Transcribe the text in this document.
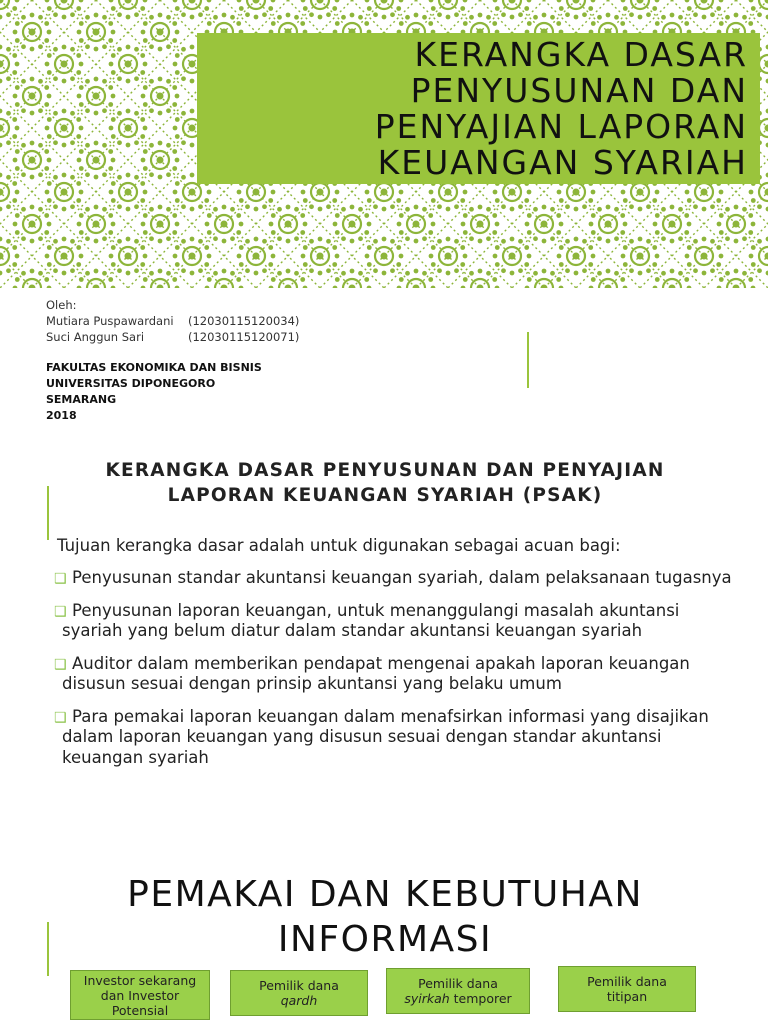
KERANGKA DASAR
PENYUSUNAN DAN
PENYAJIAN LAPORAN
KEUANGAN SYARIAH
Oleh:
Mutiara Puspawardani	(12030115120034)
Suci Anggun Sari	(12030115120071)
FAKULTAS EKONOMIKA DAN BISNIS
UNIVERSITAS DIPONEGORO
SEMARANG
2018
KERANGKA DASAR PENYUSUNAN DAN PENYAJIAN
LAPORAN KEUANGAN SYARIAH (PSAK)
Tujuan kerangka dasar adalah untuk digunakan sebagai acuan bagi:
❑ Penyusunan standar akuntansi keuangan syariah, dalam pelaksanaan tugasnya
❑ Penyusunan laporan keuangan, untuk menanggulangi masalah akuntansi syariah yang belum diatur dalam standar akuntansi keuangan syariah
❑ Auditor dalam memberikan pendapat mengenai apakah laporan keuangan disusun sesuai dengan prinsip akuntansi yang belaku umum
❑ Para pemakai laporan keuangan dalam menafsirkan informasi yang disajikan dalam laporan keuangan yang disusun sesuai dengan standar akuntansi keuangan syariah
PEMAKAI DAN KEBUTUHAN
INFORMASI
Investor sekarang
dan Investor
Potensial
Pemilik dana
qardh
Pemilik dana
syirkah temporer
Pemilik dana
titipan
